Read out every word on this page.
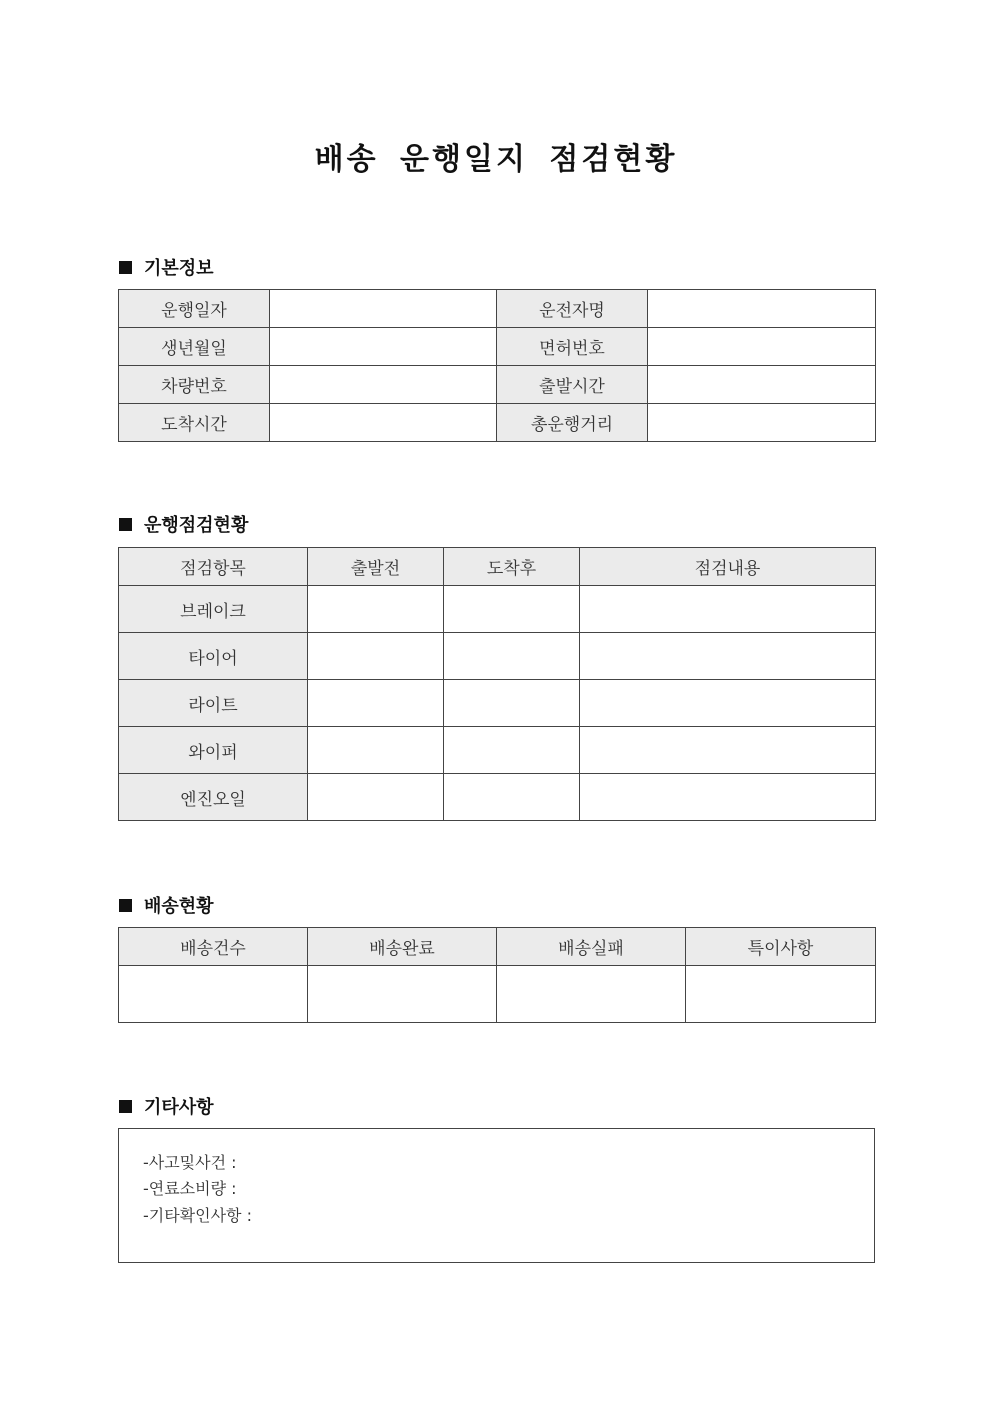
배송 운행일지 점검현황
기본정보
운행일자		운전자명	
생년월일		면허번호	
차량번호		출발시간	
도착시간		총운행거리	
운행점검현황
점검항목	출발전	도착후	점검내용
브레이크			
타이어			
라이트			
와이퍼			
엔진오일			
배송현황
배송건수	배송완료	배송실패	특이사항

기타사항
-사고및사건 :
-연료소비량 :
-기타확인사항 :
